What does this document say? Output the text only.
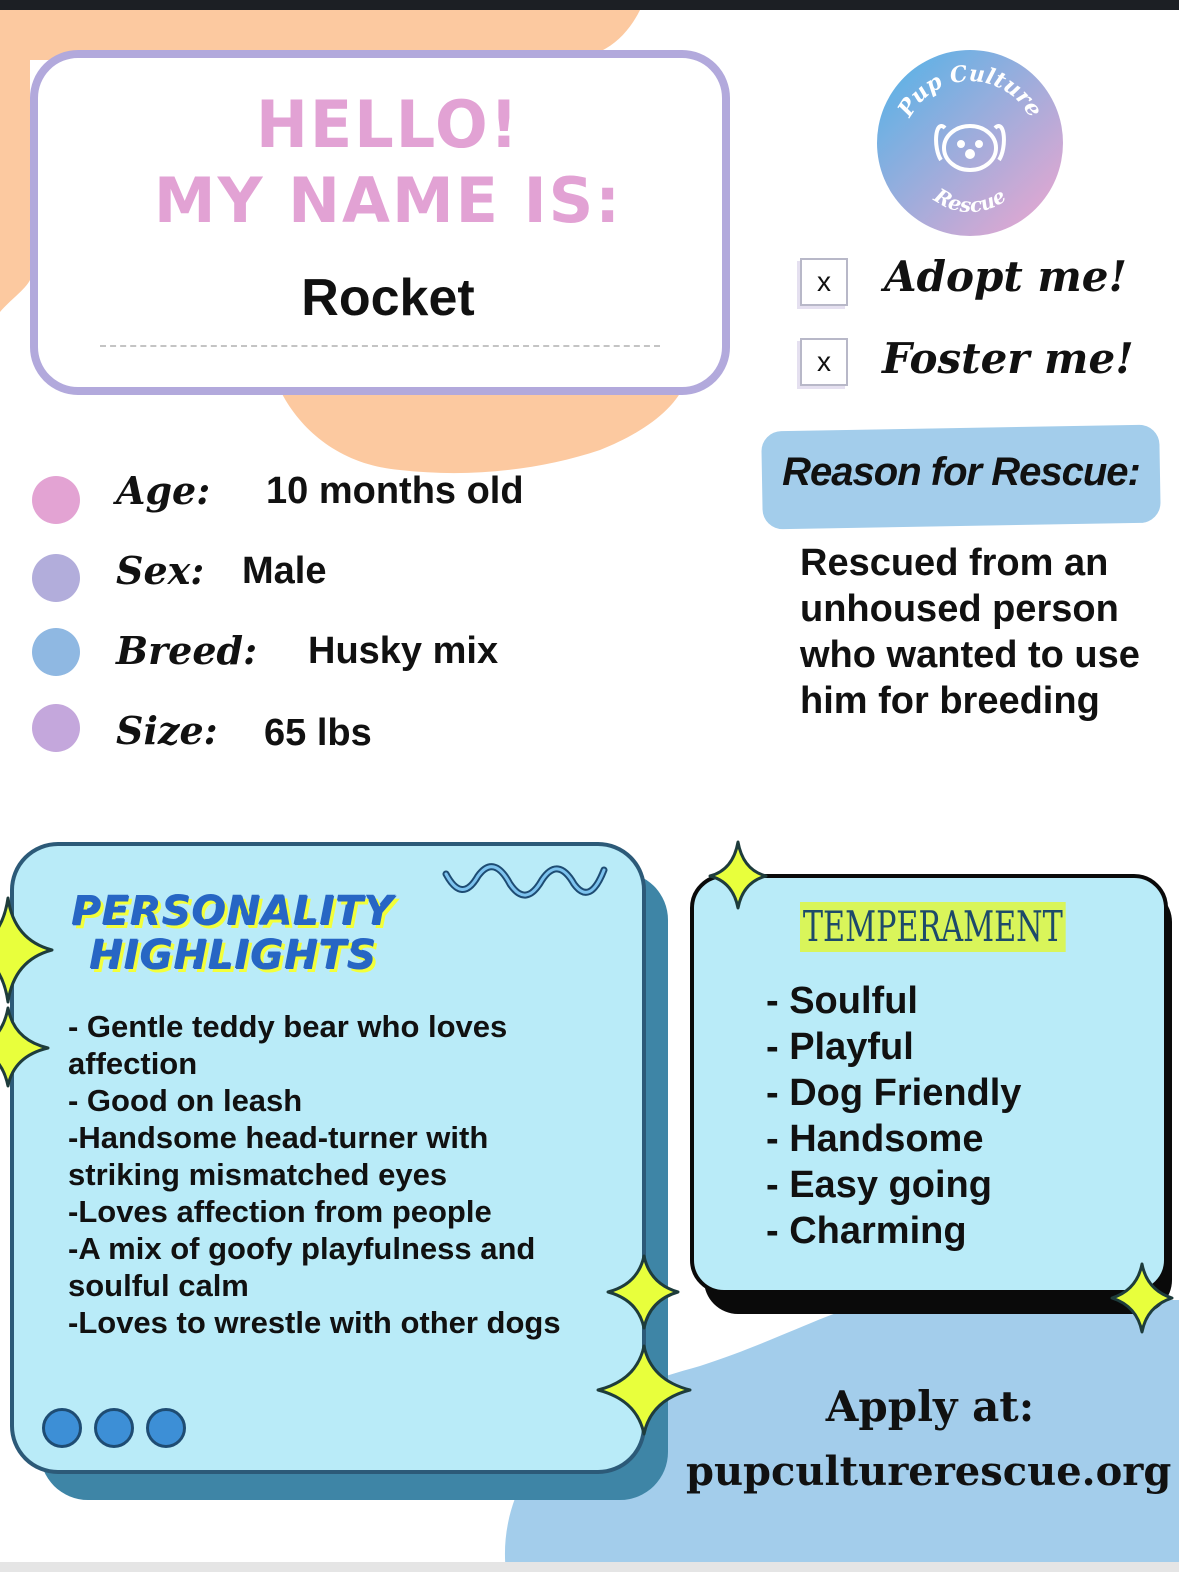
HELLO!
MY NAME IS:
Rocket
Pup Culture
Rescue
x	Adopt me!
x	Foster me!
Reason for Rescue:
Rescued from an
unhoused person
who wanted to use
him for breeding
Age: 10 months old
Sex: Male
Breed: Husky mix
Size: 65 lbs
PERSONALITY
HIGHLIGHTS
- Gentle teddy bear who loves
affection
- Good on leash
-Handsome head-turner with
striking mismatched eyes
-Loves affection from people
-A mix of goofy playfulness and
soulful calm
-Loves to wrestle with other dogs
TEMPERAMENT
- Soulful
- Playful
- Dog Friendly
- Handsome
- Easy going
- Charming
Apply at:
pupculturerescue.org
